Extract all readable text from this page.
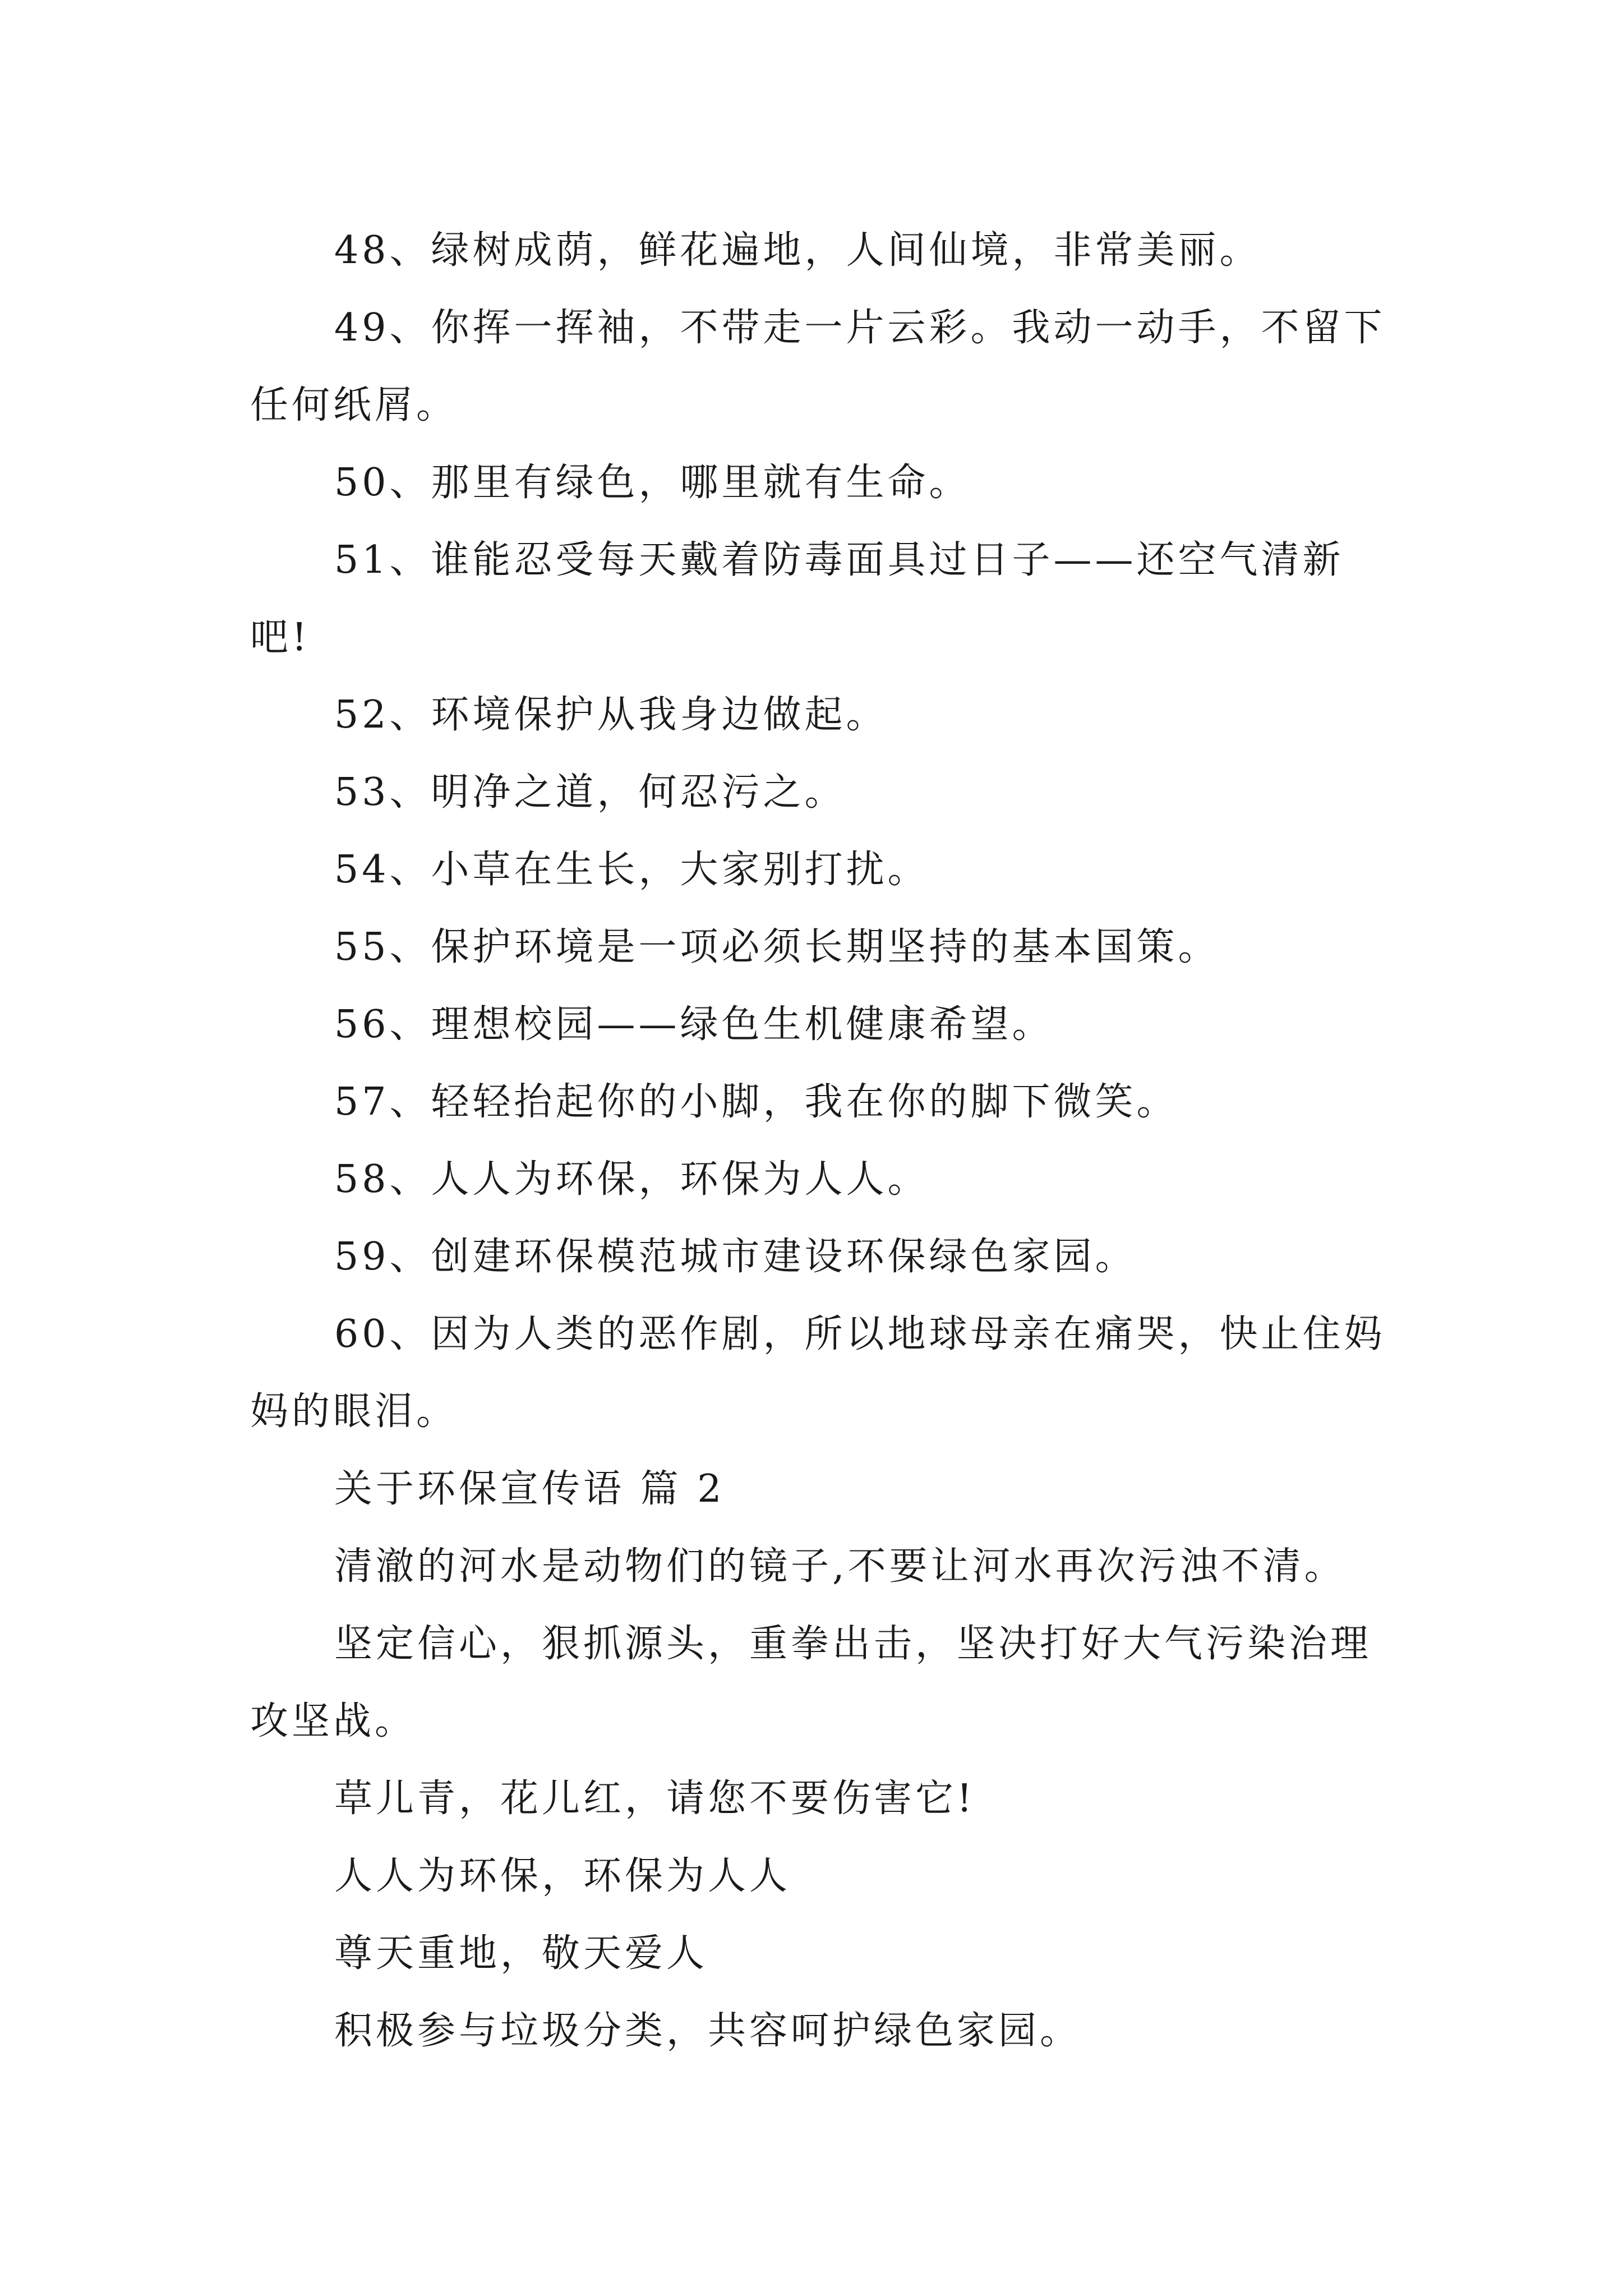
48、绿树成荫，鲜花遍地，人间仙境，非常美丽。

49、你挥一挥袖，不带走一片云彩。我动一动手，不留下任何纸屑。

50、那里有绿色，哪里就有生命。

51、谁能忍受每天戴着防毒面具过日子——还空气清新吧!

52、环境保护从我身边做起。

53、明净之道，何忍污之。

54、小草在生长，大家别打扰。

55、保护环境是一项必须长期坚持的基本国策。

56、理想校园——绿色生机健康希望。

57、轻轻抬起你的小脚，我在你的脚下微笑。

58、人人为环保，环保为人人。

59、创建环保模范城市建设环保绿色家园。

60、因为人类的恶作剧，所以地球母亲在痛哭，快止住妈妈的眼泪。

关于环保宣传语 篇 2

清澈的河水是动物们的镜子,不要让河水再次污浊不清。

坚定信心，狠抓源头，重拳出击，坚决打好大气污染治理攻坚战。

草儿青，花儿红，请您不要伤害它!

人人为环保，环保为人人

尊天重地，敬天爱人

积极参与垃圾分类，共容呵护绿色家园。
